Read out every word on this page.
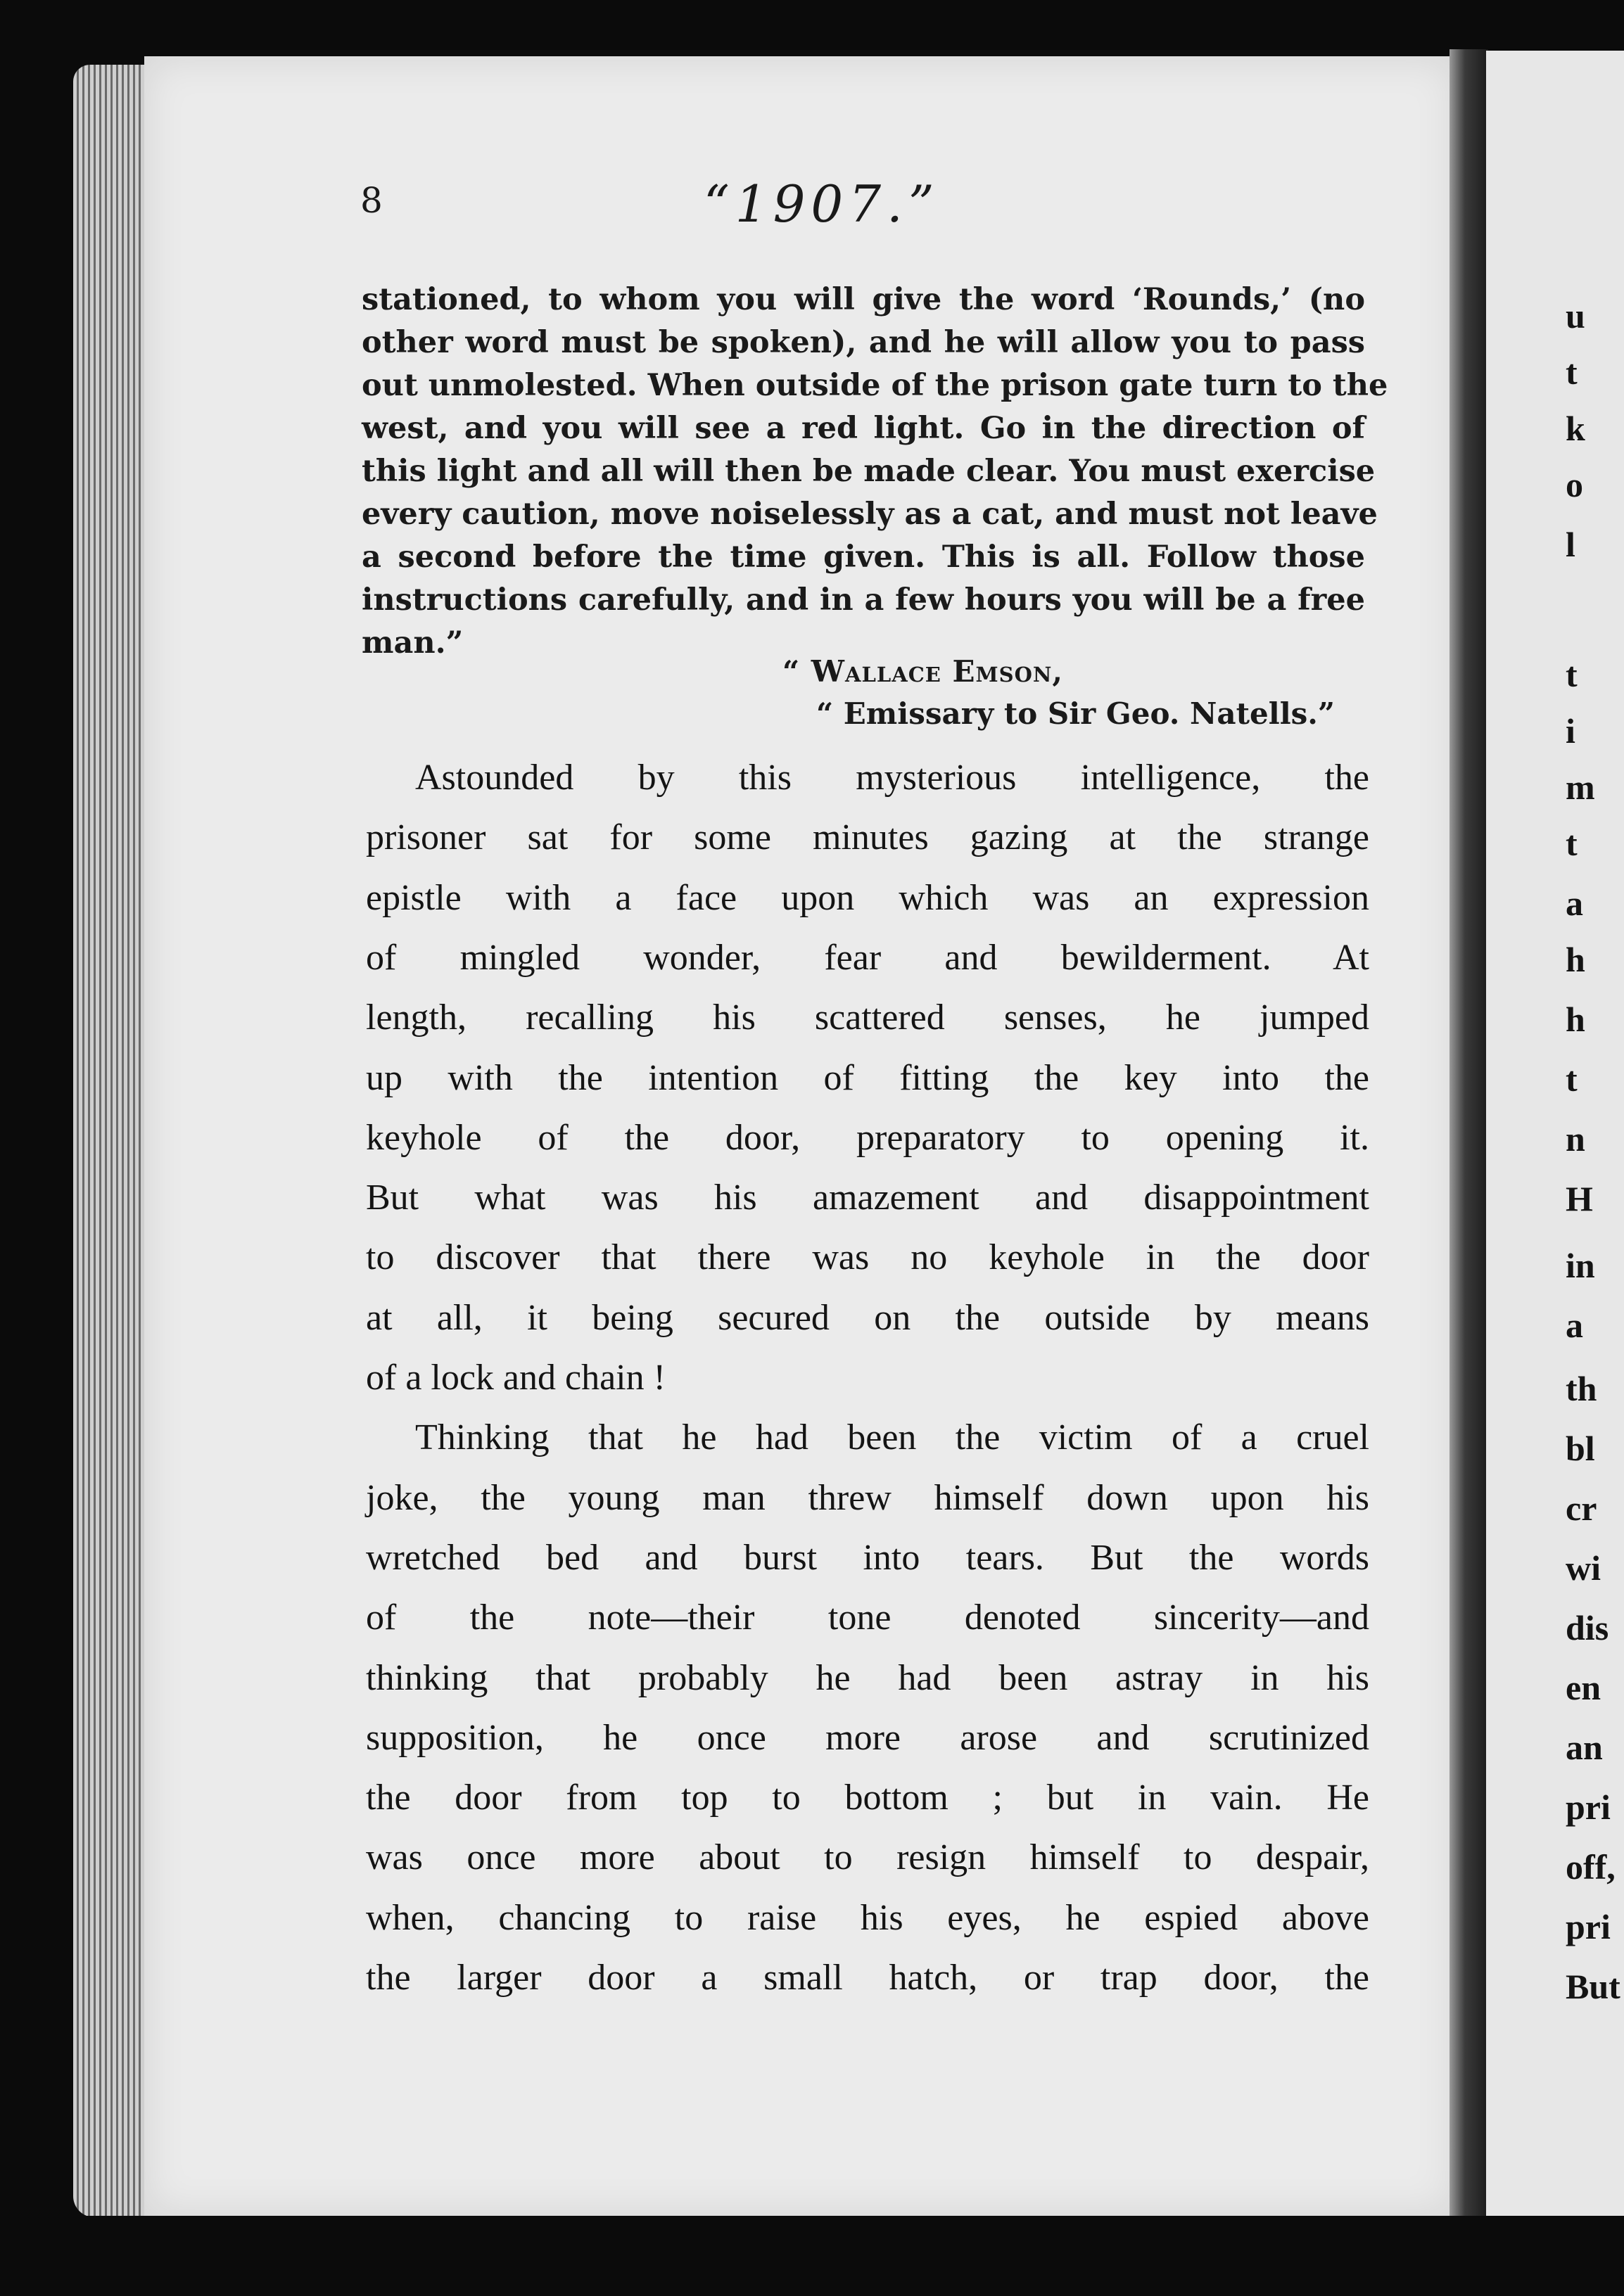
8	“1907.”

“ Wallace Emson,

“ Emissary to Sir Geo. Natells.”

stationed, to whom you will give the word ‘Rounds,’ (no

other word must be spoken), and he will allow you to pass

out unmolested. When outside of the prison gate turn to the

west, and you will see a red light. Go in the direction of

this light and all will then be made clear. You must exercise

every caution, move noiselessly as a cat, and must not leave

a second before the time given. This is all. Follow those

instructions carefully, and in a few hours you will be a free

man.”

Astounded by this mysterious intelligence, the

prisoner sat for some minutes gazing at the strange

epistle with a face upon which was an expression

of mingled wonder, fear and bewilderment. At

length, recalling his scattered senses, he jumped

up with the intention of fitting the key into the

keyhole of the door, preparatory to opening it.

But what was his amazement and disappointment

to discover that there was no keyhole in the door

at all, it being secured on the outside by means

of a lock and chain !

Thinking that he had been the victim of a cruel

joke, the young man threw himself down upon his

wretched bed and burst into tears. But the words

of the note—their tone denoted sincerity—and

thinking that probably he had been astray in his

supposition, he once more arose and scrutinized

the door from top to bottom ; but in vain. He

was once more about to resign himself to despair,

when, chancing to raise his eyes, he espied above

the larger door a small hatch, or trap door, the

u

t

k

o

l

t

i

m

t

a

h

h

t

n

H

in

a

th

bl

cr

wi

dis

en

an

pri

off,

pri

But
